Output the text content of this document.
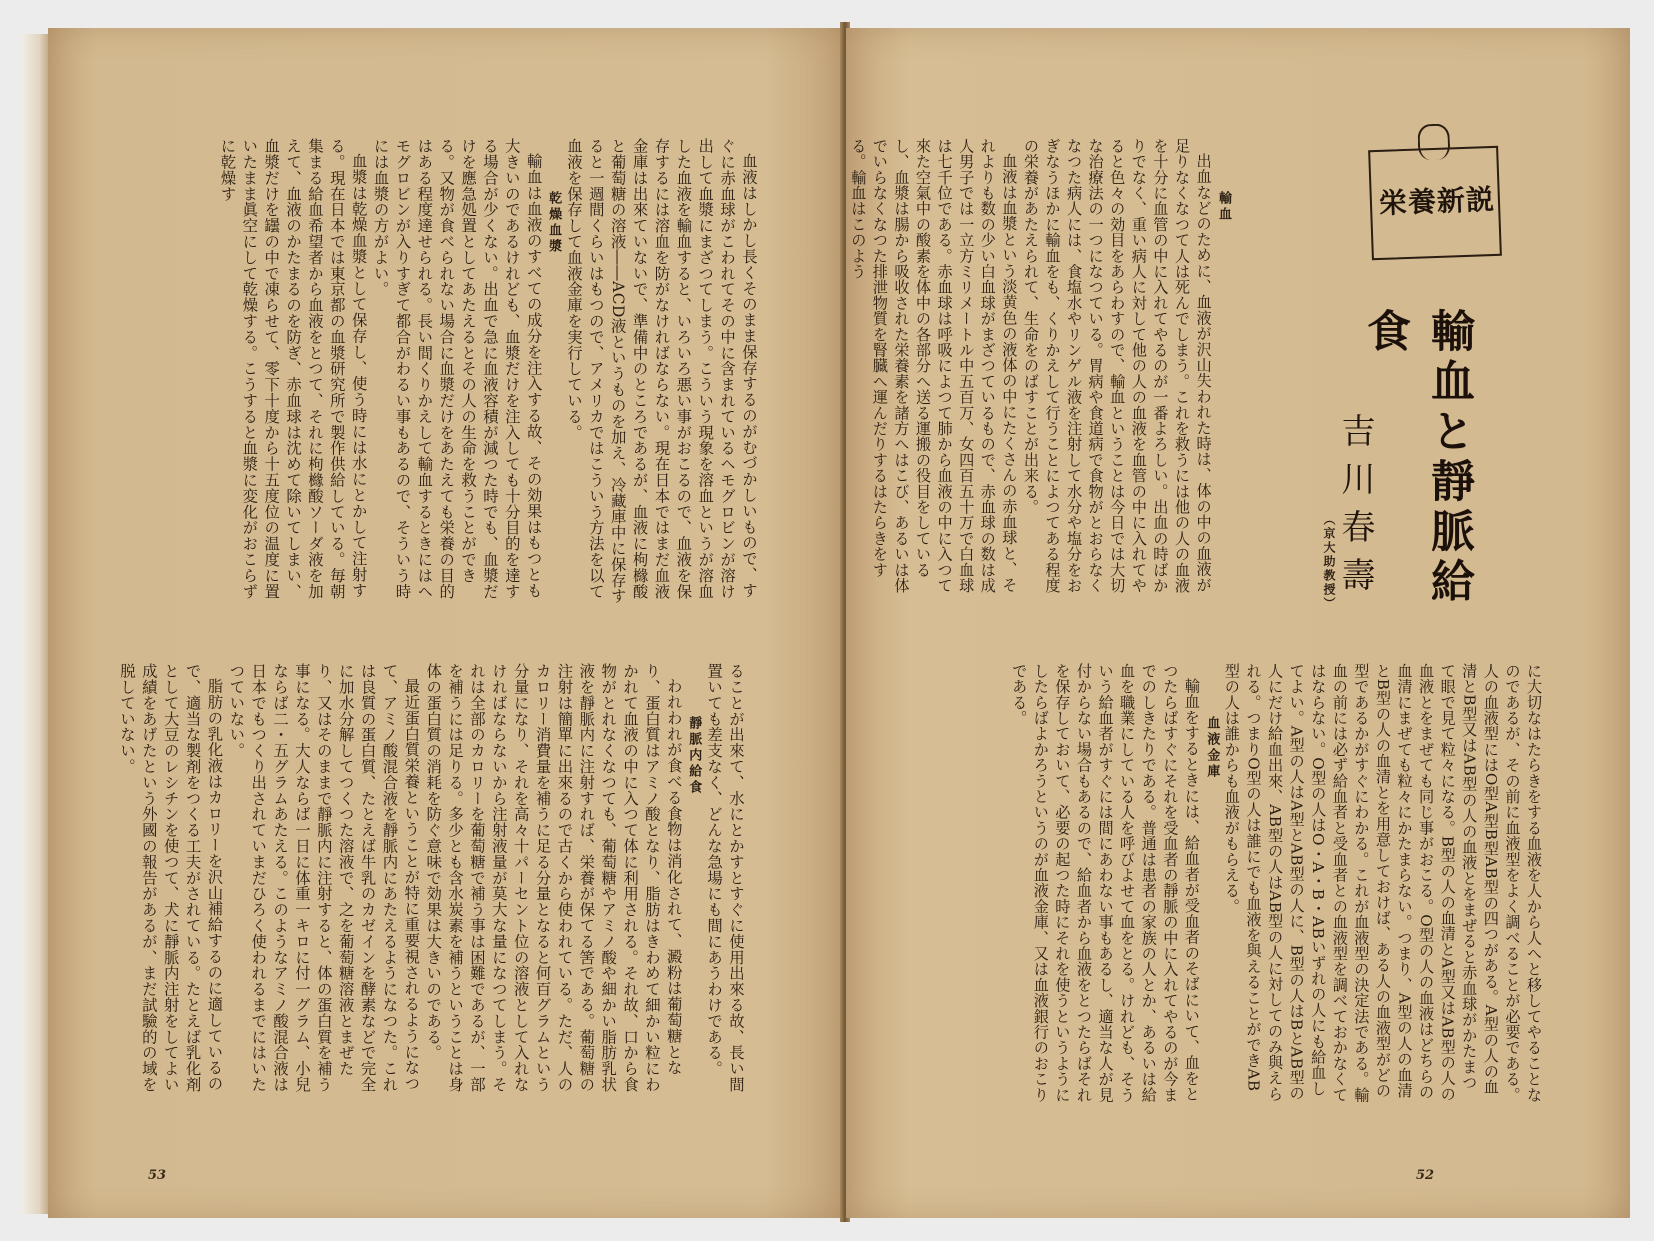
血液はしかし長くそのまま保存するのがむづかしいもので、すぐに赤血球がこわれてその中に含まれているヘモグロビンが溶け出して血漿にまざつてしまう。こういう現象を溶血というが溶血した血液を輸血すると、いろいろ悪い事がおこるので、血液を保存するには溶血を防がなければならない。現在日本ではまだ血液金庫は出來ていないで、準備中のところであるが、血液に枸櫞酸と葡萄糖の溶液――ACD液というものを加え、冷藏庫中に保存すると一週間くらいはもつので、アメリカではこういう方法を以て血液を保存して血液金庫を実行している。

乾燥血漿

輸血は血液のすべての成分を注入する故、その効果はもつとも大きいのであるけれども、血漿だけを注入しても十分目的を達する場合が少くない。出血で急に血液容積が減つた時でも、血漿だけを應急処置としてあたえるとその人の生命を救うことができる。又物が食べられない場合に血漿だけをあたえても栄養の目的はある程度達せられる。長い間くりかえして輸血するときにはヘモグロビンが入りすぎて都合がわるい事もあるので、そういう時には血漿の方がよい。

血漿は乾燥血漿として保存し、使う時には水にとかして注射する。現在日本では東京都の血漿研究所で製作供給している。毎朝集まる給血希望者から血液をとつて、それに枸櫞酸ソーダ液を加えて、血液のかたまるのを防ぎ、赤血球は沈めて除いてしまい、血漿だけを罎の中で凍らせて、零下十度から十五度位の温度に置いたまま眞空にして乾燥する。こうすると血漿に変化がおこらずに乾燥す

ることが出來て、水にとかすとすぐに使用出來る故、長い間置いても差支なく、どんな急場にも間にあうわけである。

靜脈内給食

われわれが食べる食物は消化されて、澱粉は葡萄糖となり、蛋白質はアミノ酸となり、脂肪はきわめて細かい粒にわかれて血液の中に入つて体に利用される。それ故、口から食物がとれなくなつても、葡萄糖やアミノ酸や細かい脂肪乳状液を靜脈内に注射すれば、栄養が保てる筈である。葡萄糖の注射は簡單に出來るので古くから使われている。ただ、人のカロリー消費量を補うに足る分量となると何百グラムという分量になり、それを高々十パーセント位の溶液として入れなければならないから注射液量が莫大な量になつてしまう。それは全部のカロリーを葡萄糖で補う事は困難であるが、一部を補うには足りる。多少とも含水炭素を補うということは身体の蛋白質の消耗を防ぐ意味で効果は大きいのである。

最近蛋白質栄養ということが特に重要視されるようになつて、アミノ酸混合液を靜脈内にあたえるようになつた。これは良質の蛋白質、たとえば牛乳のカゼインを酵素などで完全に加水分解してつくつた溶液で、之を葡萄糖溶液とまぜたり、又はそのままで靜脈内に注射すると、体の蛋白質を補う事になる。大人ならば一日に体重一キロに付一グラム、小兒ならば二・五グラムあたえる。このようなアミノ酸混合液は日本でもつくり出されていまだひろく使われるまでにはいたつていない。

脂肪の乳化液はカロリーを沢山補給するのに適しているので、適当な製剤をつくる工夫がされている。たとえば乳化剤として大豆のレシチンを使つて、犬に靜脈内注射をしてよい成績をあげたという外國の報告があるが、まだ試驗的の域を脱していない。

53
栄養新説
輸血と靜脈給食
吉川春壽
（京大助教授）

輸血

出血などのために、血液が沢山失われた時は、体の中の血液が足りなくなつて人は死んでしまう。これを救うには他の人の血液を十分に血管の中に入れてやるのが一番よろしい。出血の時ばかりでなく、重い病人に対して他の人の血液を血管の中に入れてやると色々の効目をあらわすので、輸血ということは今日では大切な治療法の一つになつている。胃病や食道病で食物がとおらなくなつた病人には、食塩水やリンゲル液を注射して水分や塩分をおぎなうほかに輸血をも、くりかえして行うことによつてある程度の栄養があたえられて、生命をのばすことが出来る。

血液は血漿という淡黄色の液体の中にたくさんの赤血球と、それよりも数の少い白血球がまざつているもので、赤血球の数は成人男子では一立方ミリメートル中五百万、女四百五十万で白血球は七千位である。赤血球は呼吸によつて肺から血液の中に入つて來た空氣中の酸素を体中の各部分へ送る運搬の役目をしているし、血漿は腸から吸收された栄養素を諸方へはこび、あるいは体でいらなくなつた排泄物質を腎臓へ運んだりするはたらきをする。輸血はこのよう

に大切なはたらきをする血液を人から人へと移してやることなのであるが、その前に血液型をよく調べることが必要である。人の血液型にはO型A型B型AB型の四つがある。A型の人の血清とB型又はAB型の人の血液とをまぜると赤血球がかたまつて眼で見て粒々になる。B型の人の血清とA型又はAB型の人の血液とをまぜても同じ事がおこる。O型の人の血液はどちらの血清にまぜても粒々にかたまらない。つまり、A型の人の血清とB型の人の血清とを用意しておけば、ある人の血液型がどの型であるかがすぐにわかる。これが血液型の決定法である。輸血の前には必ず給血者と受血者との血液型を調べておかなくてはならない。O型の人はO・A・B・ABいずれの人にも給血してよい。A型の人はA型とAB型の人に、B型の人はBとAB型の人にだけ給血出來、AB型の人はAB型の人に対してのみ與えられる。つまりO型の人は誰にでも血液を與えることができAB型の人は誰からも血液がもらえる。

血液金庫

輸血をするときには、給血者が受血者のそばにいて、血をとつたらばすぐにそれを受血者の靜脈の中に入れてやるのが今までのしきたりである。普通は患者の家族の人とか、あるいは給血を職業にしている人を呼びよせて血をとる。けれども、そういう給血者がすぐには間にあわない事もあるし、適当な人が見付からない場合もあるので、給血者から血液をとつたらばそれを保存しておいて、必要の起つた時にそれを使うというようにしたらばよかろうというのが血液金庫、又は血液銀行のおこりである。

52
